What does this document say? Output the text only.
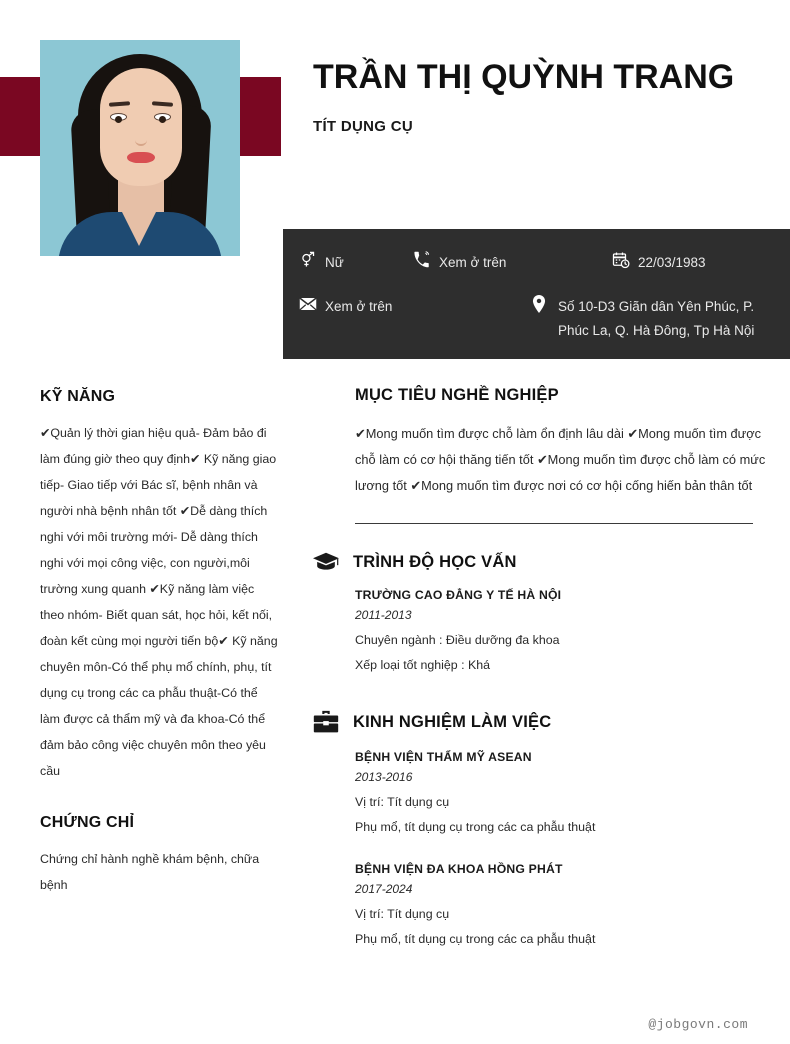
TRẦN THỊ QUỲNH TRANG
TÍT DỤNG CỤ
Nữ	Xem ở trên	22/03/1983
Xem ở trên	Số 10-D3 Giãn dân Yên Phúc, P. Phúc La, Q. Hà Đông, Tp Hà Nội
KỸ NĂNG

✔Quản lý thời gian hiệu quả- Đảm bảo đi làm đúng giờ theo quy định✔ Kỹ năng giao tiếp- Giao tiếp với Bác sĩ, bệnh nhân và người nhà bệnh nhân tốt ✔Dễ dàng thích nghi với môi trường mới- Dễ dàng thích nghi với mọi công việc, con người,môi trường xung quanh ✔Kỹ năng làm việc theo nhóm- Biết quan sát, học hỏi, kết nối, đoàn kết cùng mọi người tiến bộ✔ Kỹ năng chuyên môn-Có thể phụ mổ chính, phụ, tít dụng cụ trong các ca phẫu thuật-Có thể làm được cả thẩm mỹ và đa khoa-Có thể đảm bảo công việc chuyên môn theo yêu cầu

CHỨNG CHỈ

Chứng chỉ hành nghề khám bệnh, chữa bệnh

MỤC TIÊU NGHỀ NGHIỆP

✔Mong muốn tìm được chỗ làm ổn định lâu dài ✔Mong muốn tìm được chỗ làm có cơ hội thăng tiến tốt ✔Mong muốn tìm được chỗ làm có mức lương tốt ✔Mong muốn tìm được nơi có cơ hội cống hiến bản thân tốt

TRÌNH ĐỘ HỌC VẤN
TRƯỜNG CAO ĐẲNG Y TẾ HÀ NỘI
2011-2013
Chuyên ngành : Điều dưỡng đa khoa
Xếp loại tốt nghiệp : Khá
KINH NGHIỆM LÀM VIỆC
BỆNH VIỆN THẨM MỸ ASEAN
2013-2016
Vị trí: Tít dụng cụ
Phụ mổ, tít dụng cụ trong các ca phẫu thuật
BỆNH VIỆN ĐA KHOA HỒNG PHÁT
2017-2024
Vị trí: Tít dụng cụ
Phụ mổ, tít dụng cụ trong các ca phẫu thuật
@jobgovn.com
